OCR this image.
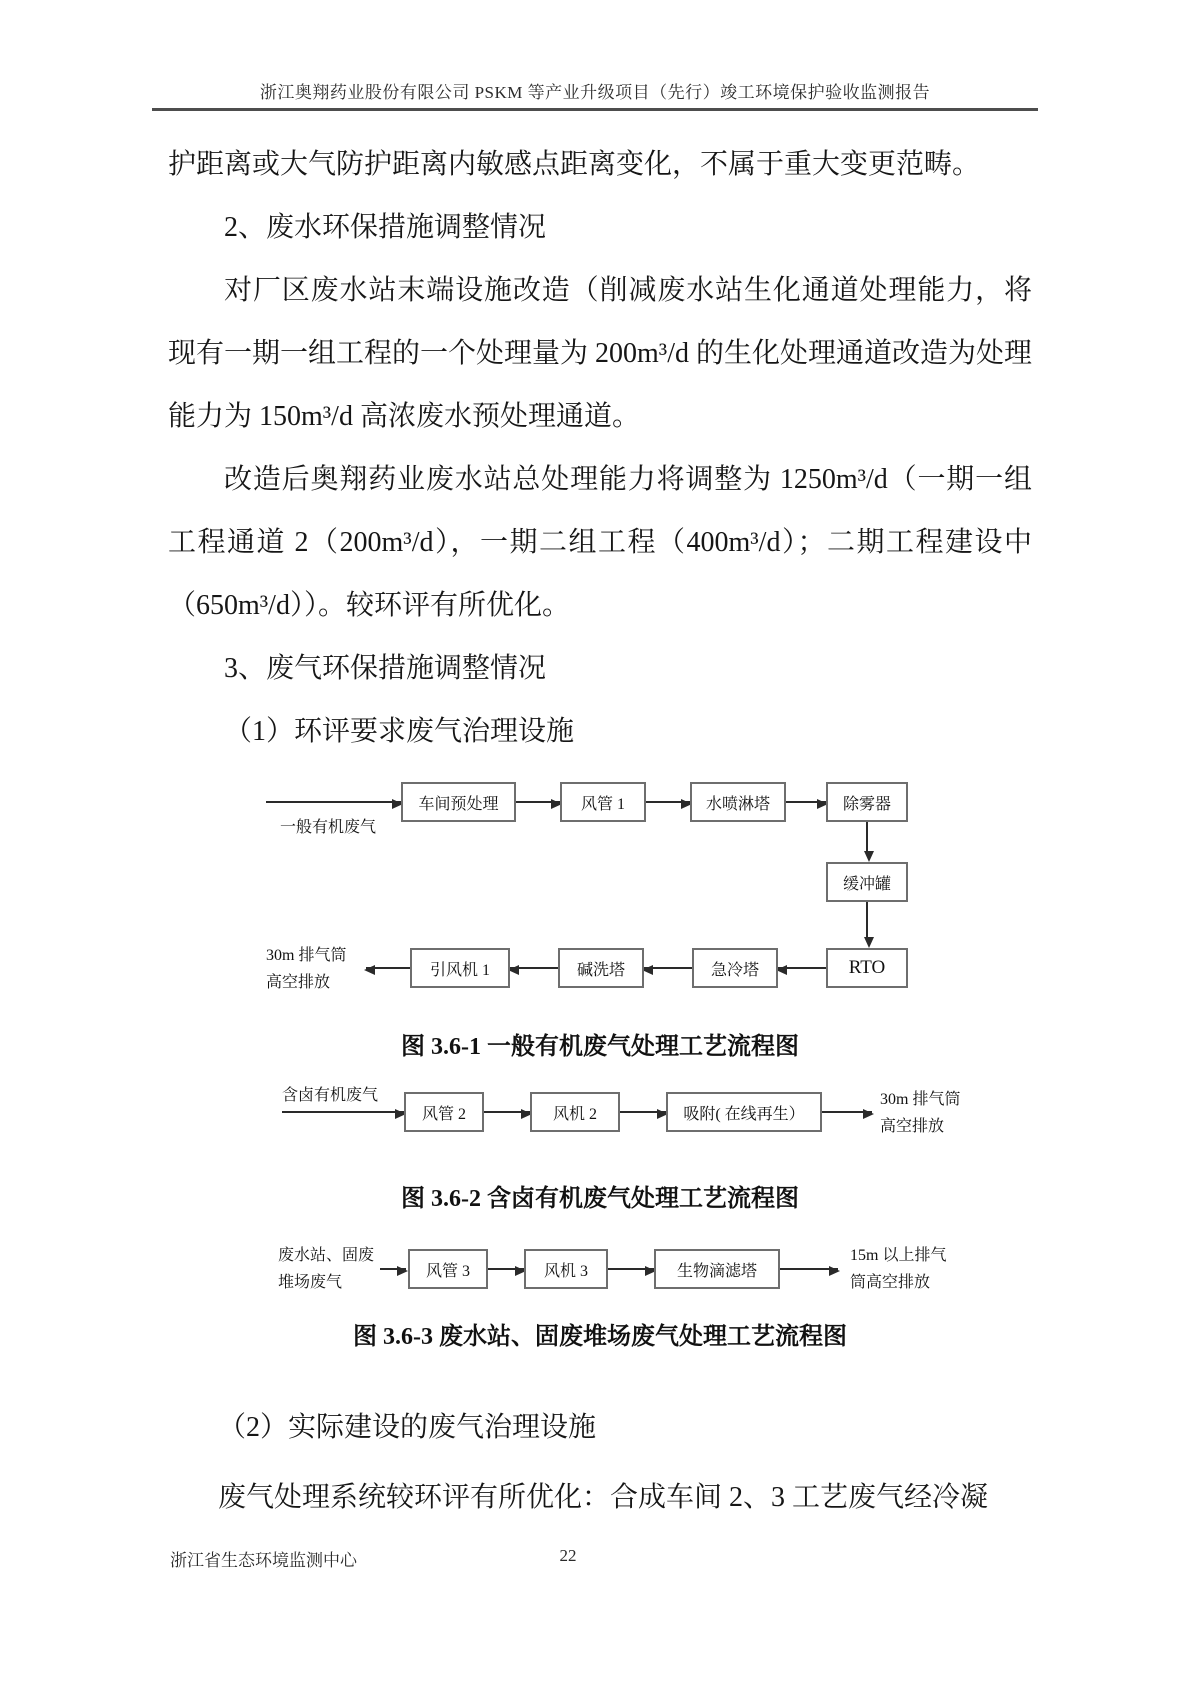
浙江奥翔药业股份有限公司 PSKM 等产业升级项目（先行）竣工环境保护验收监测报告

护距离或大气防护距离内敏感点距离变化，不属于重大变更范畴。

2、废水环保措施调整情况

对厂区废水站末端设施改造（削减废水站生化通道处理能力，将现有一期一组工程的一个处理量为 200m³/d 的生化处理通道改造为处理能力为 150m³/d 高浓废水预处理通道。

改造后奥翔药业废水站总处理能力将调整为 1250m³/d（一期一组工程通道 2（200m³/d），一期二组工程（400m³/d）；二期工程建设中（650m³/d））。较环评有所优化。

3、废气环保措施调整情况

（1）环评要求废气治理设施

一般有机废气
车间预处理	风管 1	水喷淋塔	除雾器
缓冲罐
RTO
急冷塔
碱洗塔
引风机 1
30m 排气筒
高空排放
图 3.6-1 一般有机废气处理工艺流程图
含卤有机废气
风管 2	风机 2	吸附( 在线再生）
30m 排气筒
高空排放
图 3.6-2 含卤有机废气处理工艺流程图
废水站、固废
堆场废气
风管 3	风机 3	生物滴滤塔
15m 以上排气
筒高空排放
图 3.6-3 废水站、固废堆场废气处理工艺流程图
（2）实际建设的废气治理设施
废气处理系统较环评有所优化：合成车间 2、3 工艺废气经冷凝
浙江省生态环境监测中心	22
